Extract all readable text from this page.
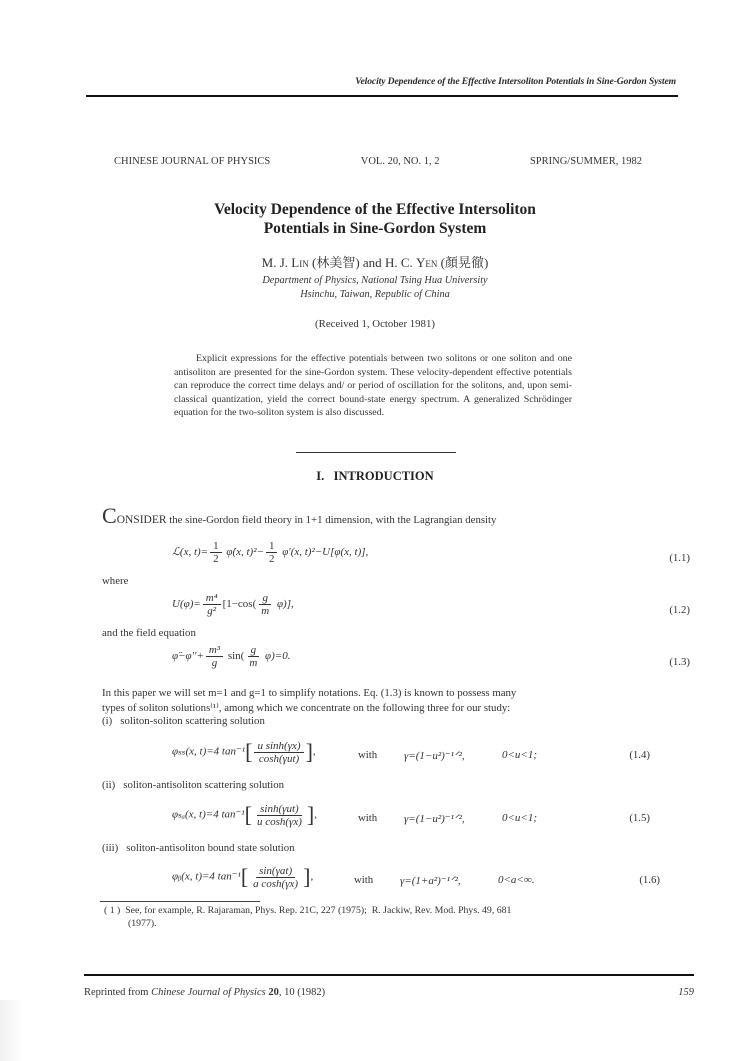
Velocity Dependence of the Effective Intersoliton Potentials in Sine-Gordon System
CHINESE JOURNAL OF PHYSICS	VOL. 20, NO. 1, 2	SPRING/SUMMER, 1982
Velocity Dependence of the Effective Intersoliton
Potentials in Sine-Gordon System
M. J. Lin (林美智) and H. C. Yen (顏晃徹)
Department of Physics, National Tsing Hua University
Hsinchu, Taiwan, Republic of China
(Received 1, October 1981)
Explicit expressions for the effective potentials between two solitons or one soliton and one antisoliton are presented for the sine-Gordon system. These velocity-dependent effective potentials can reproduce the correct time delays and/ or period of oscillation for the solitons, and, upon semi-classical quantization, yield the correct bound-state energy spectrum. A generalized Schrödinger equation for the two-soliton system is also discussed.
I.   INTRODUCTION
CONSIDER the sine-Gordon field theory in 1+1 dimension, with the Lagrangian density
ℒ(x, $t)= \frac{1}{2}$ φ̇(x, $t)^2- \frac{1}{2} \varphi'(x$, t)²−U[φ(x, t)],	(1.1)
where
$U(\varphi)= \frac{\text{m⁴}}{\text{g²}} [1-\cos( \frac{g}{m} \varphi)]$,	(1.2)
and the field equation
φ̈−φ′′+ $\frac{\text{m³}}{g} \sin( \frac{g}{m} \varphi)=0$.	(1.3)
In this paper we will set m=1 and g=1 to simplify notations. Eq. (1.3) is known to possess many
types of soliton solutions⁽¹⁾, among which we concentrate on the following three for our study:
(i)   soliton-soliton scattering solution
φₛₛ(x, t)=4 $\tan^{-1}[ \frac{\text{u sinh(γx)}}{\text{cosh(γut)}}$ ],	with γ=(1−u²)⁻¹ᐟ²,	0<u<1;	(1.4)
(ii)   soliton-antisoliton scattering solution
φₛₐ(x, t)=4 $\tan^{-1}[ \frac{\text{sinh(γut)}}{\text{u cosh(γx)}}$ ],	with γ=(1−u²)⁻¹ᐟ²,	0<u<1;	(1.5)
(iii)   soliton-antisoliton bound state solution
φᵦ(x, t)=4 $\tan^{-1}[ \frac{\text{sin(γat)}}{\text{a cosh(γx)}}$ ],	with γ=(1+a²)⁻¹ᐟ²,	0<a<∞.	(1.6)
( 1 )  See, for example, R. Rajaraman, Phys. Rep. 21C, 227 (1975);  R. Jackiw, Rev. Mod. Phys. 49, 681
(1977).
Reprinted from Chinese Journal of Physics 20, 10 (1982)	159
